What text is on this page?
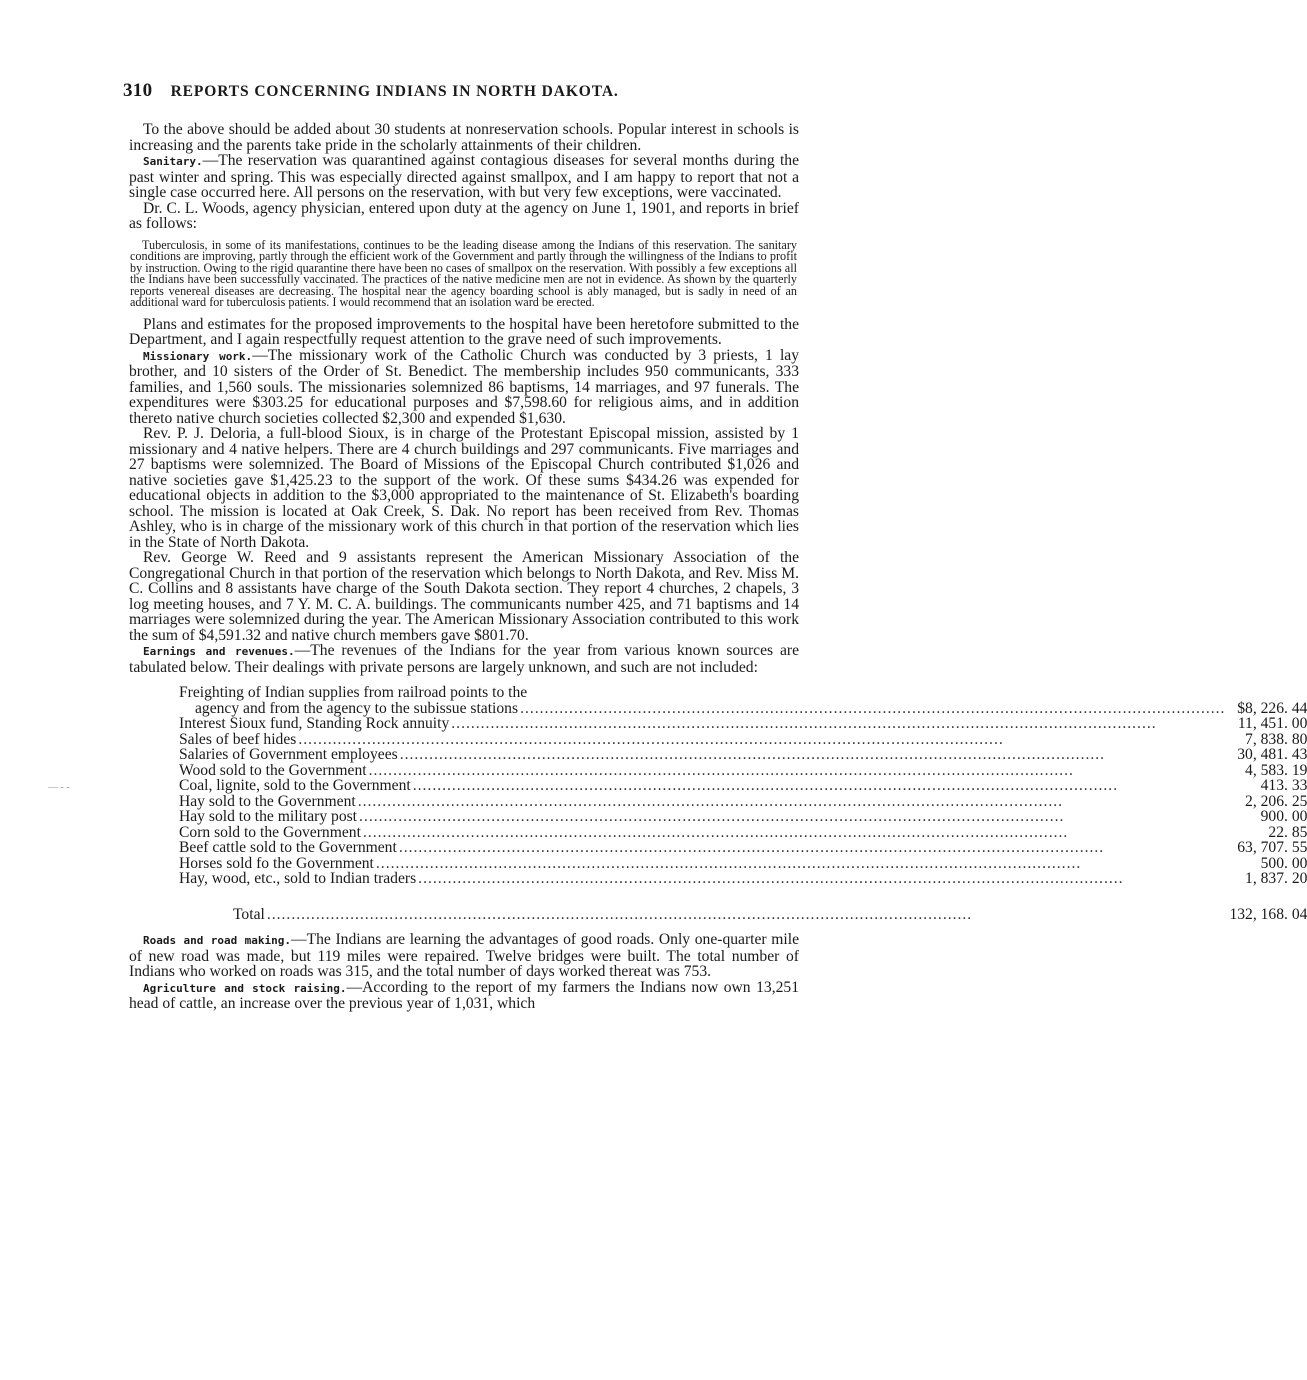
310 REPORTS CONCERNING INDIANS IN NORTH DAKOTA.

To the above should be added about 30 students at nonreservation schools. Popular interest in schools is increasing and the parents take pride in the scholarly attainments of their children.

Sanitary.—The reservation was quarantined against contagious diseases for several months during the past winter and spring. This was especially directed against smallpox, and I am happy to report that not a single case occurred here. All persons on the reservation, with but very few exceptions, were vaccinated.

Dr. C. L. Woods, agency physician, entered upon duty at the agency on June 1, 1901, and reports in brief as follows:

Tuberculosis, in some of its manifestations, continues to be the leading disease among the Indians of this reservation. The sanitary conditions are improving, partly through the efficient work of the Government and partly through the willingness of the Indians to profit by instruction. Owing to the rigid quarantine there have been no cases of smallpox on the reservation. With possibly a few exceptions all the Indians have been successfully vaccinated. The practices of the native medicine men are not in evidence. As shown by the quarterly reports venereal diseases are decreasing. The hospital near the agency boarding school is ably managed, but is sadly in need of an additional ward for tuberculosis patients. I would recommend that an isolation ward be erected.

Plans and estimates for the proposed improvements to the hospital have been heretofore submitted to the Department, and I again respectfully request attention to the grave need of such improvements.

Missionary work.—The missionary work of the Catholic Church was conducted by 3 priests, 1 lay brother, and 10 sisters of the Order of St. Benedict. The membership includes 950 communicants, 333 families, and 1,560 souls. The missionaries solemnized 86 baptisms, 14 marriages, and 97 funerals. The expenditures were $303.25 for educational purposes and $7,598.60 for religious aims, and in addition thereto native church societies collected $2,300 and expended $1,630.

Rev. P. J. Deloria, a full-blood Sioux, is in charge of the Protestant Episcopal mission, assisted by 1 missionary and 4 native helpers. There are 4 church buildings and 297 communicants. Five marriages and 27 baptisms were solemnized. The Board of Missions of the Episcopal Church contributed $1,026 and native societies gave $1,425.23 to the support of the work. Of these sums $434.26 was expended for educational objects in addition to the $3,000 appropriated to the maintenance of St. Elizabeth's boarding school. The mission is located at Oak Creek, S. Dak. No report has been received from Rev. Thomas Ashley, who is in charge of the missionary work of this church in that portion of the reservation which lies in the State of North Dakota.

Rev. George W. Reed and 9 assistants represent the American Missionary Association of the Congregational Church in that portion of the reservation which belongs to North Dakota, and Rev. Miss M. C. Collins and 8 assistants have charge of the South Dakota section. They report 4 churches, 2 chapels, 3 log meeting houses, and 7 Y. M. C. A. buildings. The communicants number 425, and 71 baptisms and 14 marriages were solemnized during the year. The American Missionary Association contributed to this work the sum of $4,591.32 and native church members gave $801.70.

Earnings and revenues.—The revenues of the Indians for the year from various known sources are tabulated below. Their dealings with private persons are largely unknown, and such are not included:

Freighting of Indian supplies from railroad points to the
agency and from the agency to the subissue stations
.....	$8, 226. 44

Interest Sioux fund, Standing Rock annuity
.....	11, 451. 00

Sales of beef hides
.....	7, 838. 80

Salaries of Government employees
.....	30, 481. 43

Wood sold to the Government
.....	4, 583. 19

Coal, lignite, sold to the Government
.....	413. 33

Hay sold to the Government
.....	2, 206. 25

Hay sold to the military post
.....	900. 00

Corn sold to the Government
.....	22. 85

Beef cattle sold to the Government
.....	63, 707. 55

Horses sold fo the Government
.....	500. 00

Hay, wood, etc., sold to Indian traders
.....	1, 837. 20

Total
.....	132, 168. 04

Roads and road making.—The Indians are learning the advantages of good roads. Only one-quarter mile of new road was made, but 119 miles were repaired. Twelve bridges were built. The total number of Indians who worked on roads was 315, and the total number of days worked thereat was 753.

Agriculture and stock raising.—According to the report of my farmers the Indians now own 13,251 head of cattle, an increase over the previous year of 1,031, which

— - -
